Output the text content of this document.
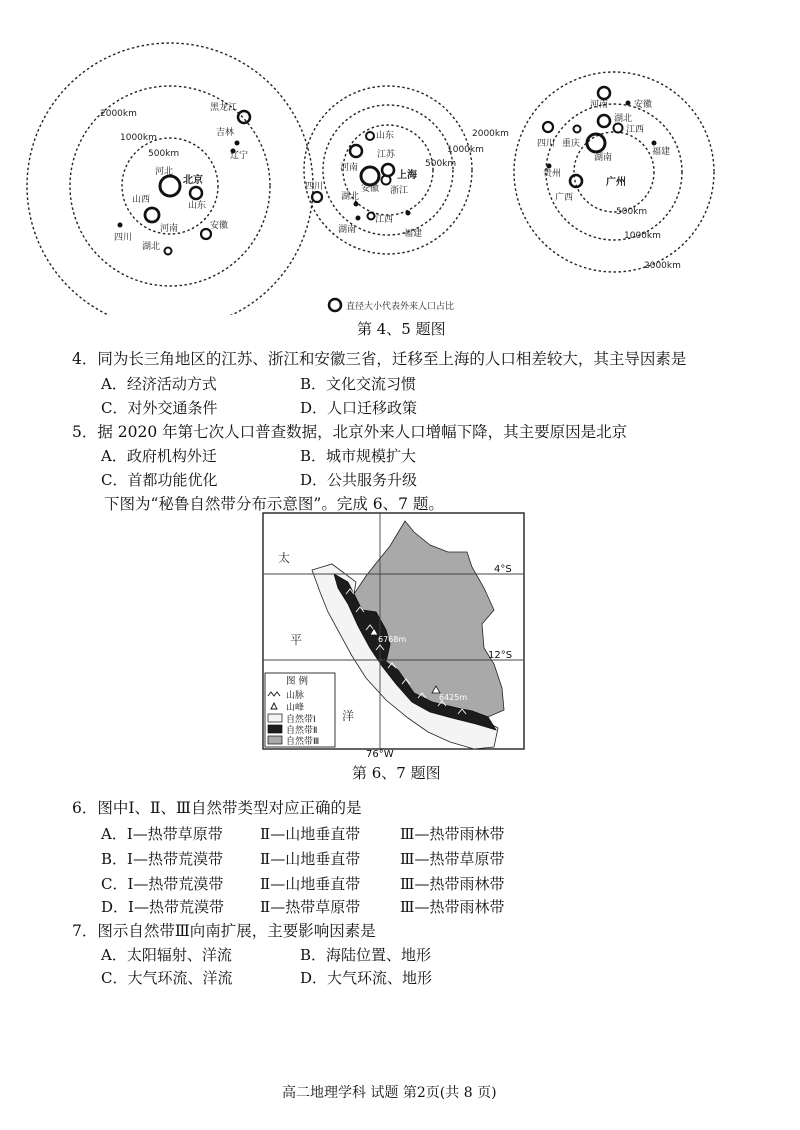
2000km
1000km
500km
北京
黑龙江
吉林
辽宁
河北
山东
山西
河南	安徽
四川
湖北
2000km
1000km
500km
上海
山东
河南
江苏
安徽 浙江
湖北
四川
湖南
江西
福建
2000km
1000km
500km
广州
河南	安徽
四川 重庆
湖北
江西
湖南
福建
贵州
广西
直径大小代表外来人口占比
第 4、5 题图
4．同为长三角地区的江苏、浙江和安徽三省，迁移至上海的人口相差较大，其主导因素是
A．经济活动方式	B．文化交流习惯
C．对外交通条件	D．人口迁移政策
5．据 2020 年第七次人口普查数据，北京外来人口增幅下降，其主要原因是北京
A．政府机构外迁	B．城市规模扩大
C．首都功能优化	D．公共服务升级
下图为“秘鲁自然带分布示意图”。完成 6、7 题。
6768m
6425m
太
平
洋
4°S
12°S
76°W
图 例
山脉
山峰
自然带Ⅰ
自然带Ⅱ
自然带Ⅲ
第 6、7 题图
6．图中Ⅰ、Ⅱ、Ⅲ自然带类型对应正确的是
A．Ⅰ—热带草原带 Ⅱ—山地垂直带	Ⅲ—热带雨林带
B．Ⅰ—热带荒漠带 Ⅱ—山地垂直带	Ⅲ—热带草原带
C．Ⅰ—热带荒漠带 Ⅱ—山地垂直带	Ⅲ—热带雨林带
D．Ⅰ—热带荒漠带 Ⅱ—热带草原带	Ⅲ—热带雨林带
7．图示自然带Ⅲ向南扩展，主要影响因素是
A．太阳辐射、洋流	B．海陆位置、地形
C．大气环流、洋流	D．大气环流、地形
高二地理学科 试题 第2页(共 8 页)
